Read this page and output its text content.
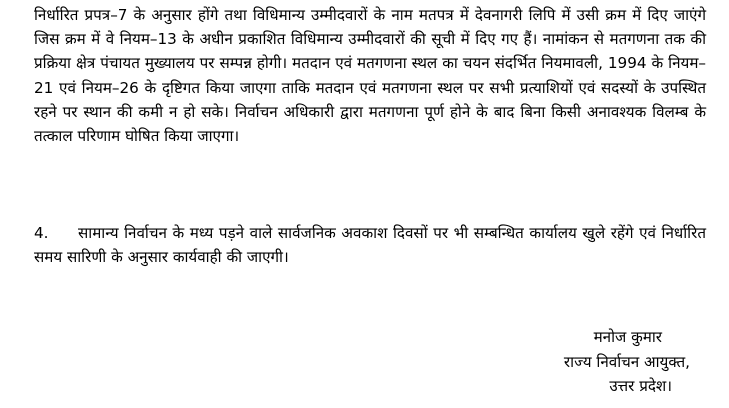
निर्धारित प्रपत्र–7 के अनुसार होंगे तथा विधिमान्य उम्मीदवारों के नाम मतपत्र में देवनागरी लिपि में उसी क्रम में दिए जाएंगे जिस क्रम में वे नियम–13 के अधीन प्रकाशित विधिमान्य उम्मीदवारों की सूची में दिए गए हैं। नामांकन से मतगणना तक की प्रक्रिया क्षेत्र पंचायत मुख्यालय पर सम्पन्न होगी। मतदान एवं मतगणना स्थल का चयन संदर्भित नियमावली, 1994 के नियम–21 एवं नियम–26 के दृष्टिगत किया जाएगा ताकि मतदान एवं मतगणना स्थल पर सभी प्रत्याशियों एवं सदस्यों के उपस्थित रहने पर स्थान की कमी न हो सके। निर्वाचन अधिकारी द्वारा मतगणना पूर्ण होने के बाद बिना किसी अनावश्यक विलम्ब के तत्काल परिणाम घोषित किया जाएगा।

4. सामान्य निर्वाचन के मध्य पड़ने वाले सार्वजनिक अवकाश दिवसों पर भी सम्बन्धित कार्यालय खुले रहेंगे एवं निर्धारित समय सारिणी के अनुसार कार्यवाही की जाएगी।

मनोज कुमार
राज्य निर्वाचन आयुक्त,
उत्तर प्रदेश।
